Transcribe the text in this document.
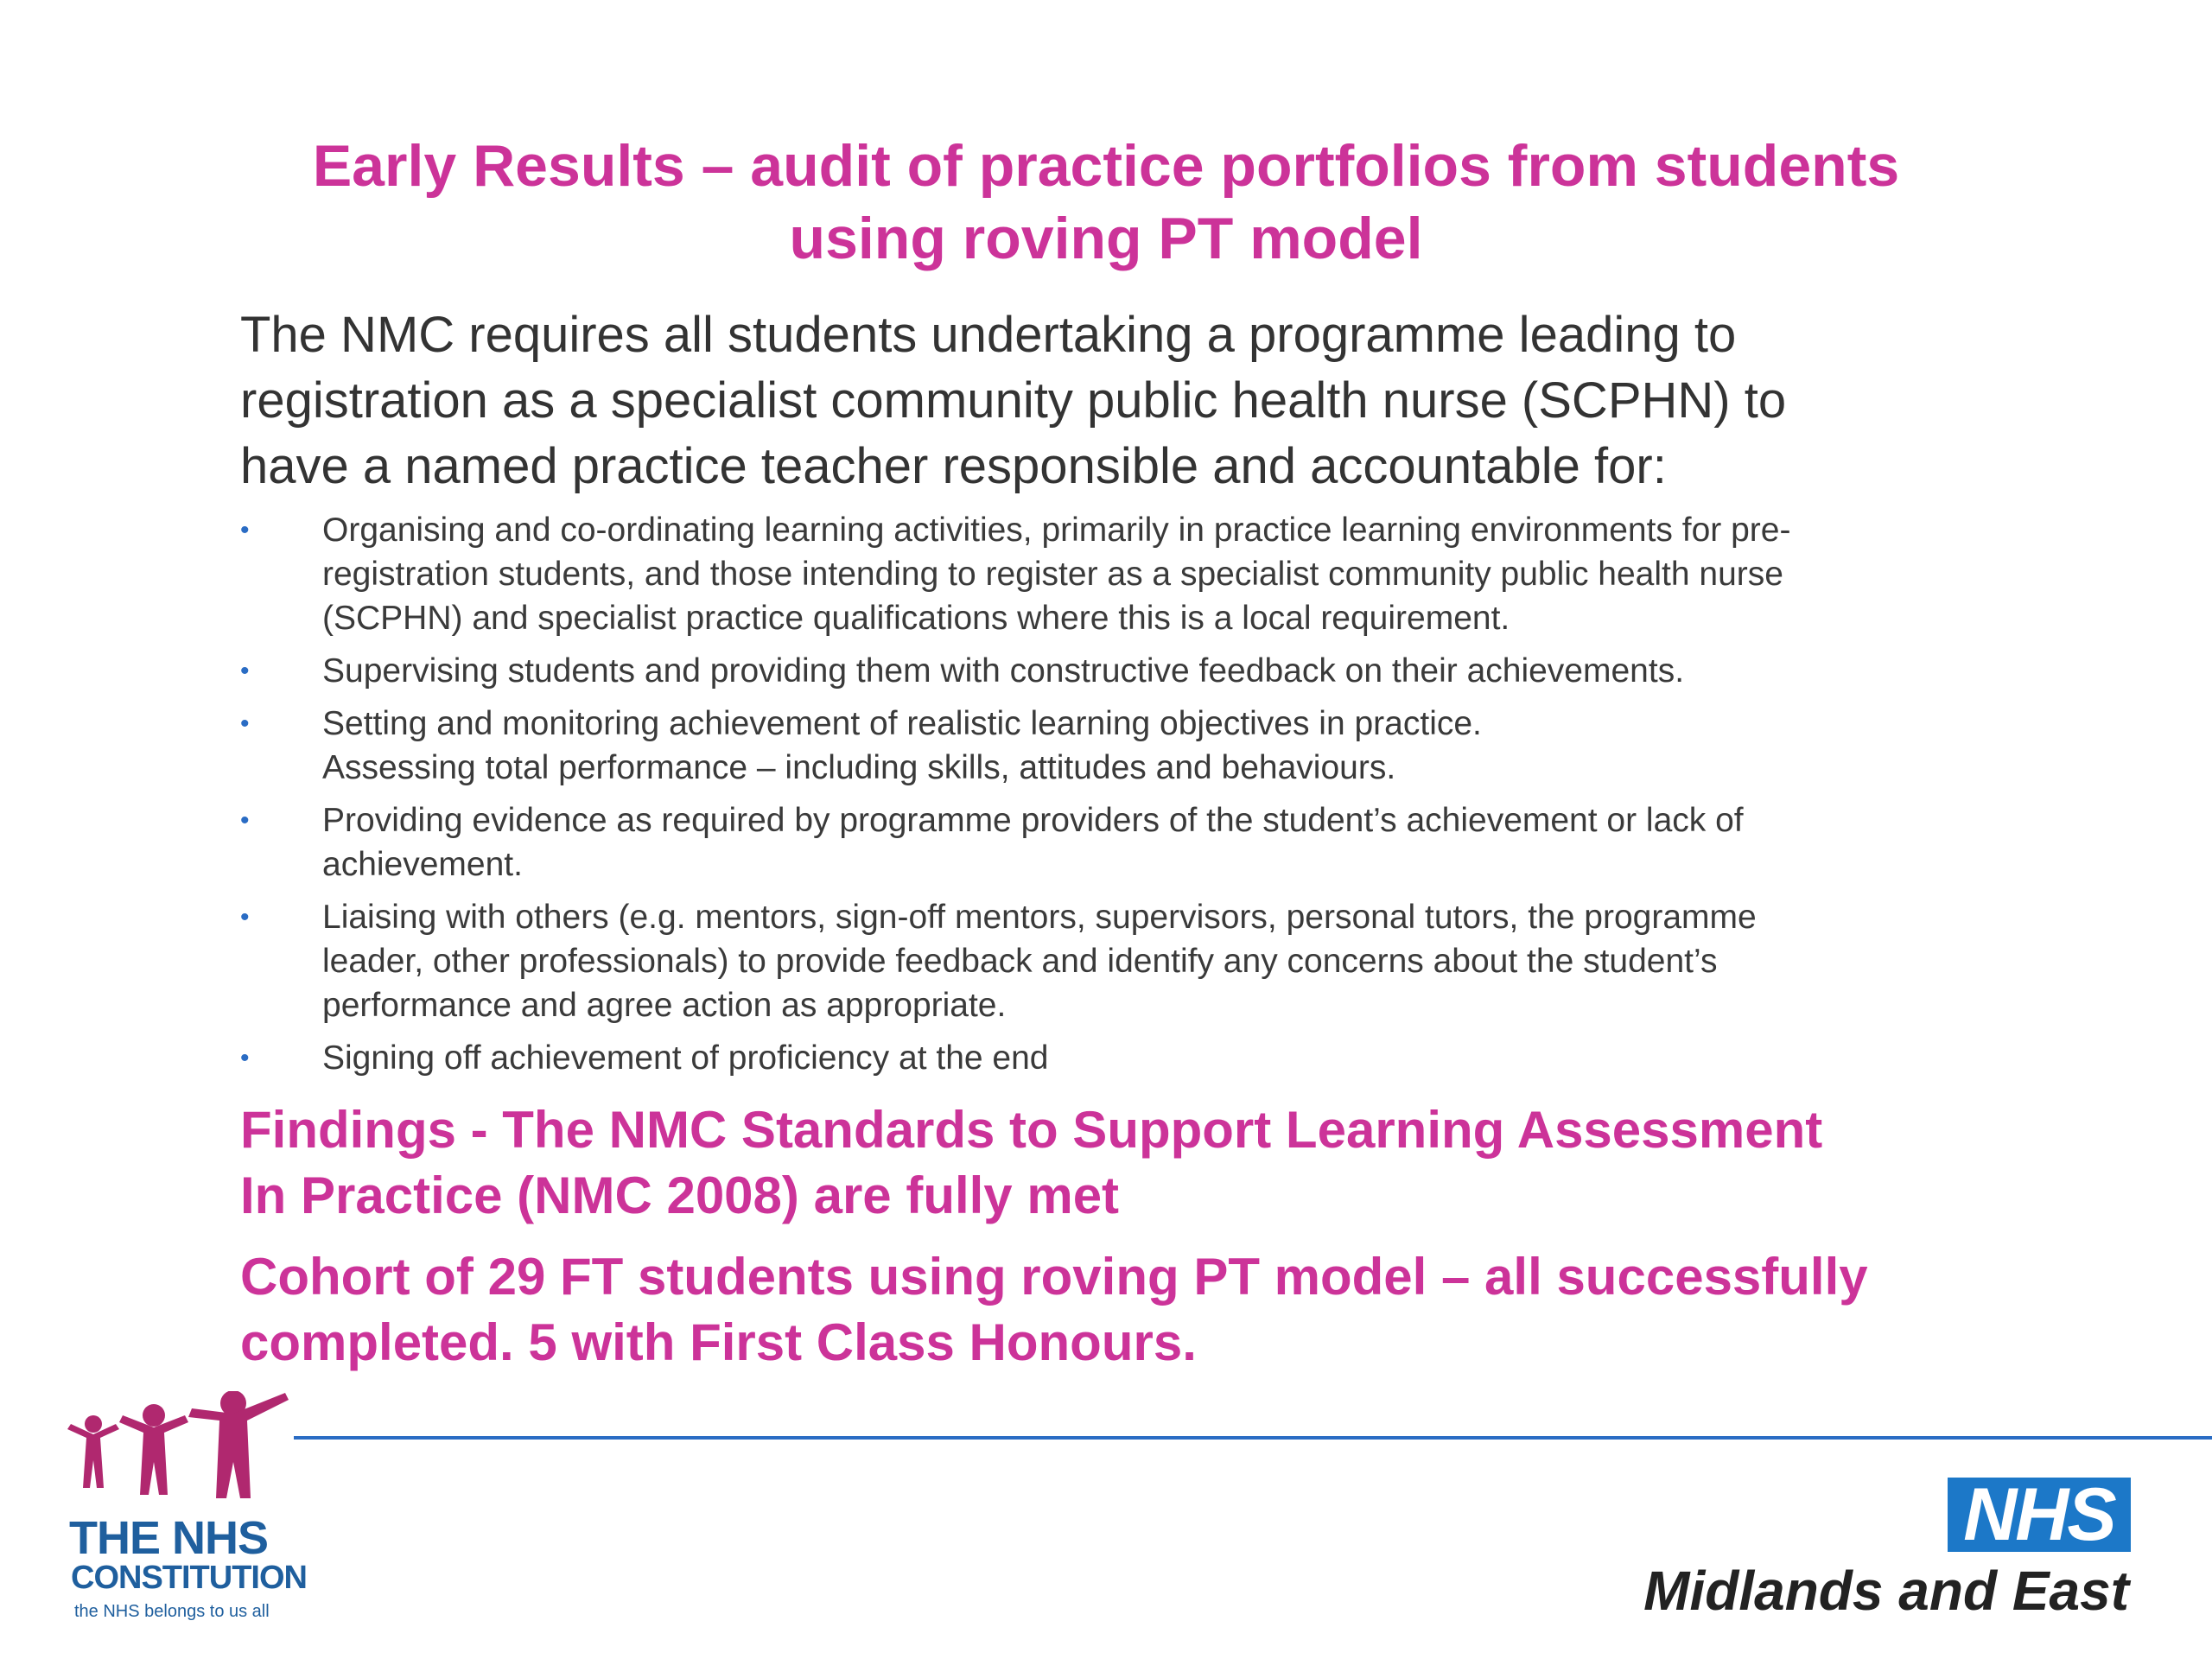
Early Results – audit of practice portfolios from students
using roving PT model

The NMC requires all students undertaking a programme leading to
registration as a specialist community public health nurse (SCPHN) to
have a named practice teacher responsible and accountable for:

• Organising and co-ordinating learning activities, primarily in practice learning environments for pre-
registration students, and those intending to register as a specialist community public health nurse
(SCPHN) and specialist practice qualifications where this is a local requirement.
• Supervising students and providing them with constructive feedback on their achievements.
• Setting and monitoring achievement of realistic learning objectives in practice.
Assessing total performance – including skills, attitudes and behaviours.
• Providing evidence as required by programme providers of the student’s achievement or lack of
achievement.
• Liaising with others (e.g. mentors, sign-off mentors, supervisors, personal tutors, the programme
leader, other professionals) to provide feedback and identify any concerns about the student’s
performance and agree action as appropriate.
• Signing off achievement of proficiency at the end

Findings - The NMC Standards to Support Learning Assessment
In Practice (NMC 2008) are fully met

Cohort of 29 FT students using roving PT model – all successfully
completed. 5 with First Class Honours.

THE NHS
CONSTITUTION
the NHS belongs to us all
NHS
Midlands and East
